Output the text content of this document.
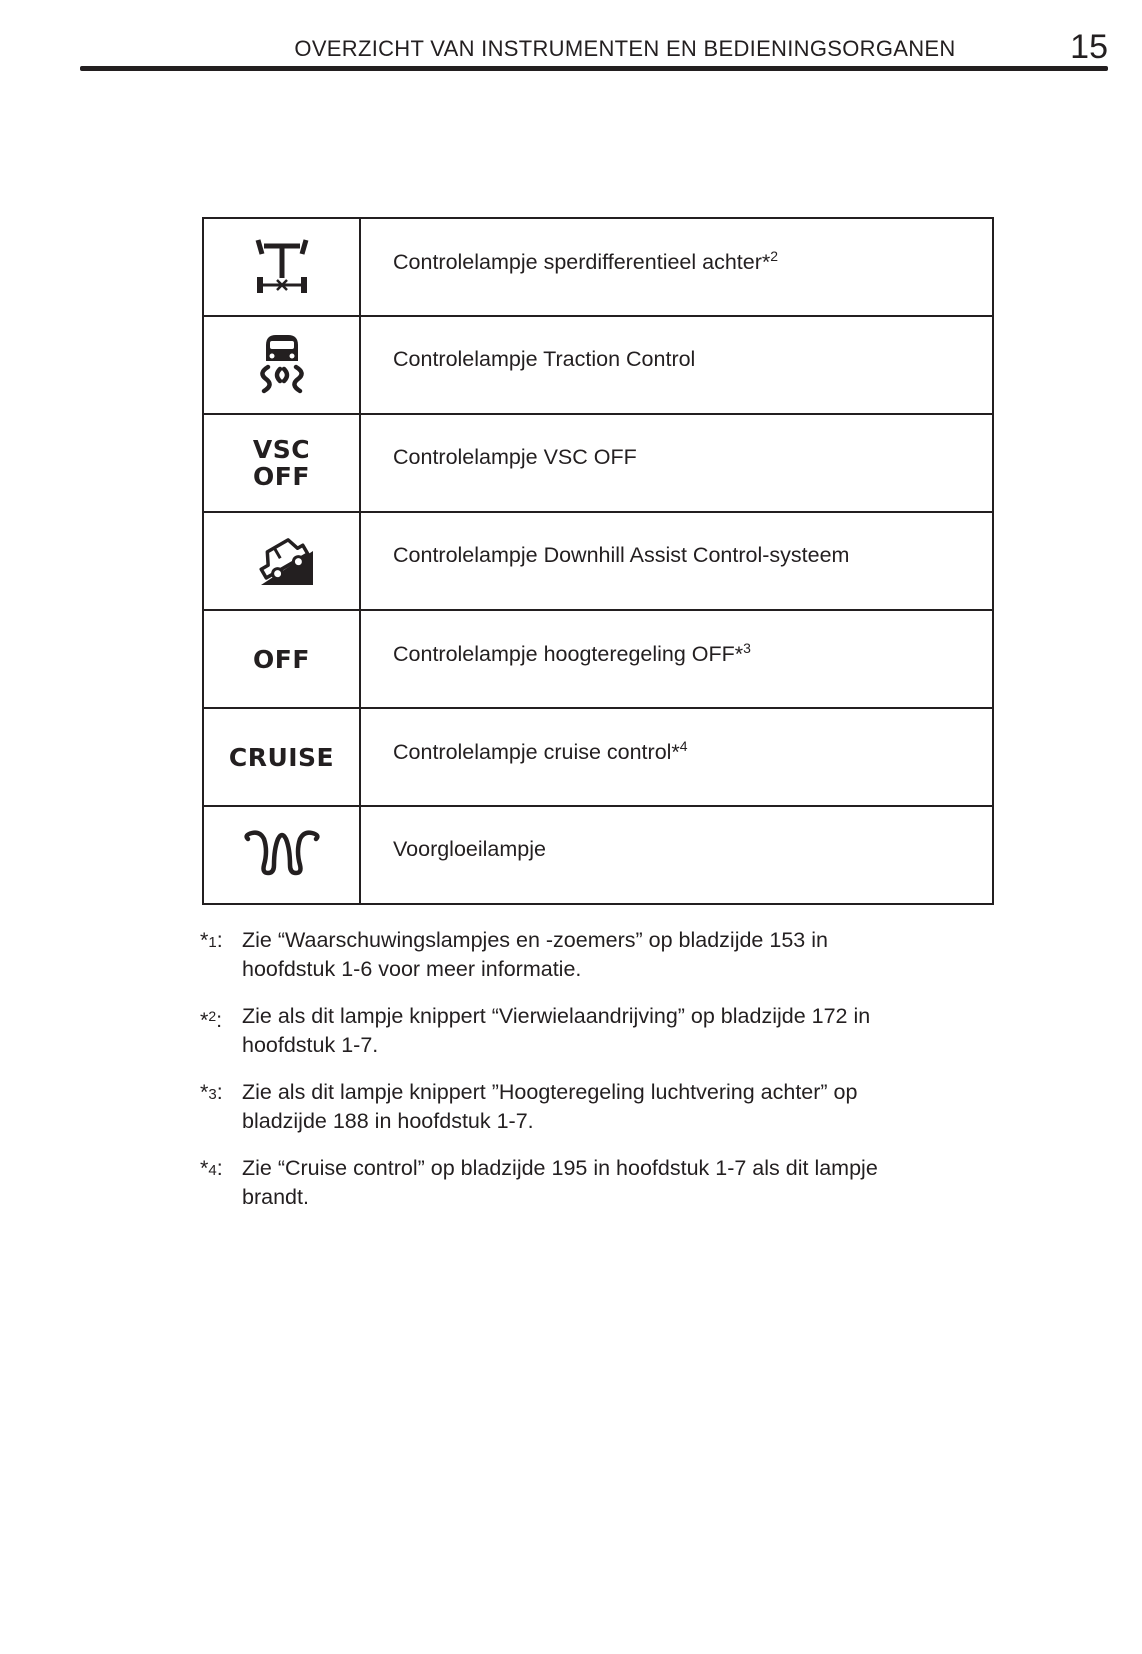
OVERZICHT VAN INSTRUMENTEN EN BEDIENINGSORGANEN	15

Controlelampje sperdifferentieel achter*$^2$

Controlelampje Traction Control

VSC
OFF	Controlelampje VSC OFF

Controlelampje Downhill Assist Control-systeem

OFF	Controlelampje hoogteregeling OFF*$^3$

CRUISE	Controlelampje cruise control*$^4$

Voorgloeilampje
*1: Zie “Waarschuwingslampjes en -zoemers” op bladzijde 153 in
hoofdstuk 1-6 voor meer informatie.
*$^2$: Zie als dit lampje knippert “Vierwielaandrijving” op bladzijde 172 in
hoofdstuk 1-7.
*3: Zie als dit lampje knippert ”Hoogteregeling luchtvering achter” op
bladzijde 188 in hoofdstuk 1-7.
*4: Zie “Cruise control” op bladzijde 195 in hoofdstuk 1-7 als dit lampje
brandt.
